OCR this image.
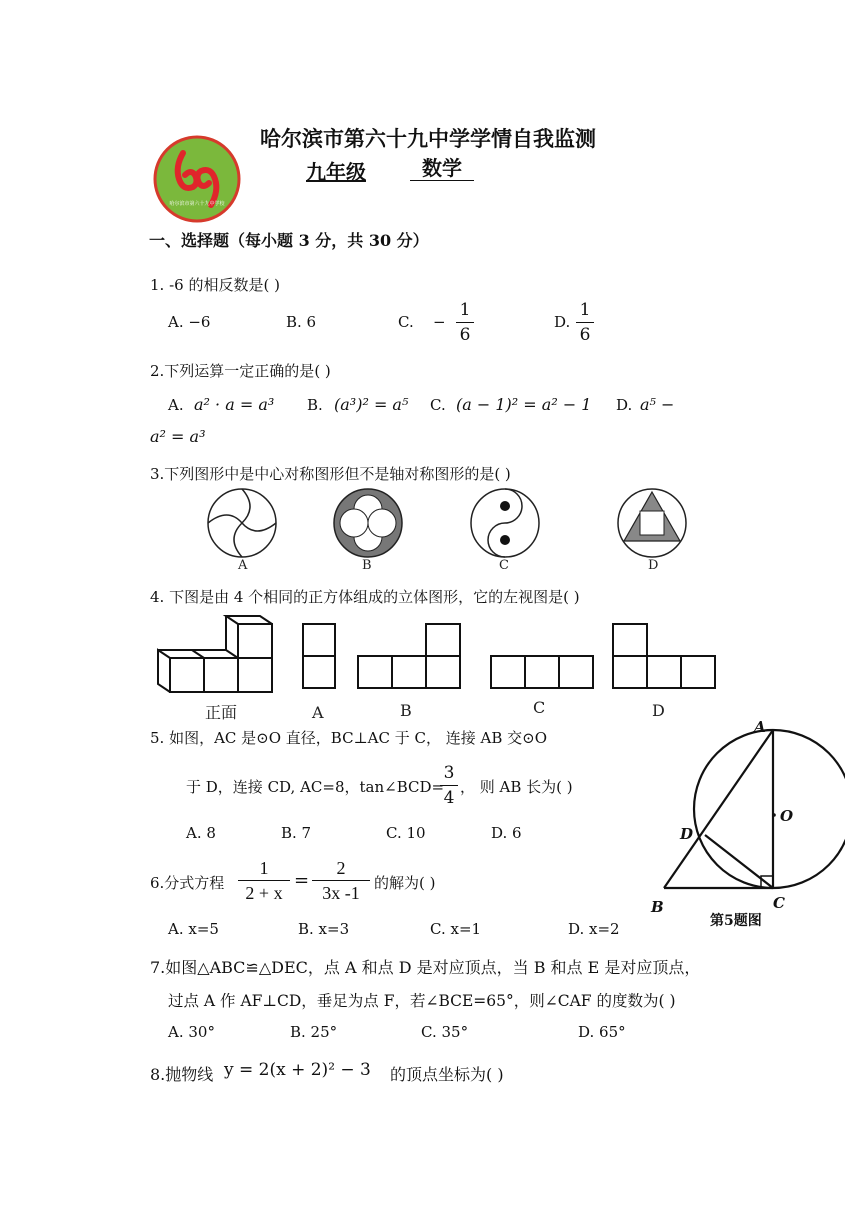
哈尔滨市第六十九中学校
哈尔滨市第六十九中学学情自我监测
九年级	数学
一、选择题（每小题 3 分，共 30 分）
1. -6 的相反数是( )
A. −6	B. 6	C. −
1
6
D.
1
6
2.下列运算一定正确的是( )
A. a² · a = a³ B. (a³)² = a⁵ C. (a − 1)² = a² − 1 D. a⁵ −
a² = a³
3.下列图形中是中心对称图形但不是轴对称图形的是( )
A	B	C	D
4. 下图是由 4 个相同的正方体组成的立体图形，它的左视图是( )
正面	A	B	C	D
5. 如图，AC 是⊙O 直径，BC⊥AC 于 C， 连接 AB 交⊙O
于 D，连接 CD, AC=8，tan∠BCD=
3
4
， 则 AB 长为( )
A. 8	B. 7	C. 10	D. 6
A
O
D
B	C
第5题图
6.分式方程
1
2 + x
=
2
3x -1 的解为( )
A. x=5	B. x=3	C. x=1	D. x=2
7.如图△ABC≌△DEC，点 A 和点 D 是对应顶点，当 B 和点 E 是对应顶点，
过点 A 作 AF⊥CD，垂足为点 F，若∠BCE=65°，则∠CAF 的度数为( )
A. 30°	B. 25°	C. 35°	D. 65°
8.抛物线 y = 2(x + 2)² − 3 的顶点坐标为( )
